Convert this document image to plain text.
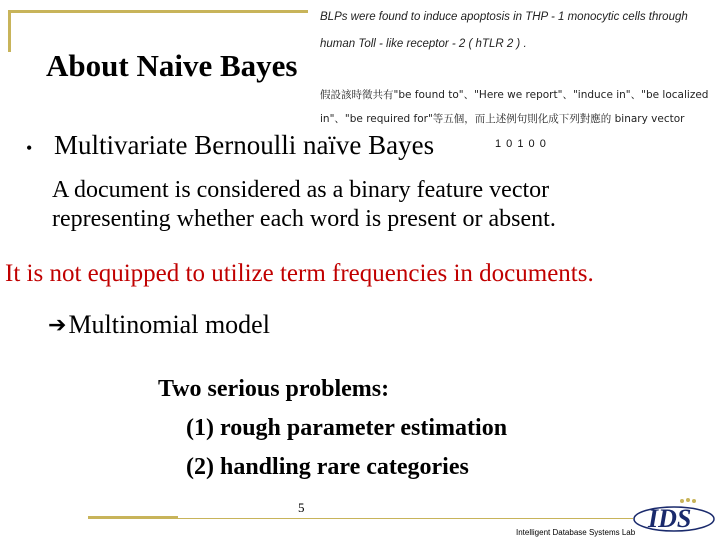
About Naive Bayes
BLPs were found to induce apoptosis in THP - 1 monocytic cells through
human Toll - like receptor - 2 ( hTLR 2 ) .
假設該時徵共有"be found to"、"Here we report"、"induce in"、"be localized
in"、"be required for"等五個，而上述例句則化成下列對應的 binary vector
1 0 1 0 0
• Multivariate Bernoulli naïve Bayes
A document is considered as a binary feature vector
representing whether each word is present or absent.
It is not equipped to utilize term frequencies in documents.
➔ Multinomial model
Two serious problems:
(1) rough parameter estimation
(2) handling rare categories
5
Intelligent Database Systems Lab IDS
